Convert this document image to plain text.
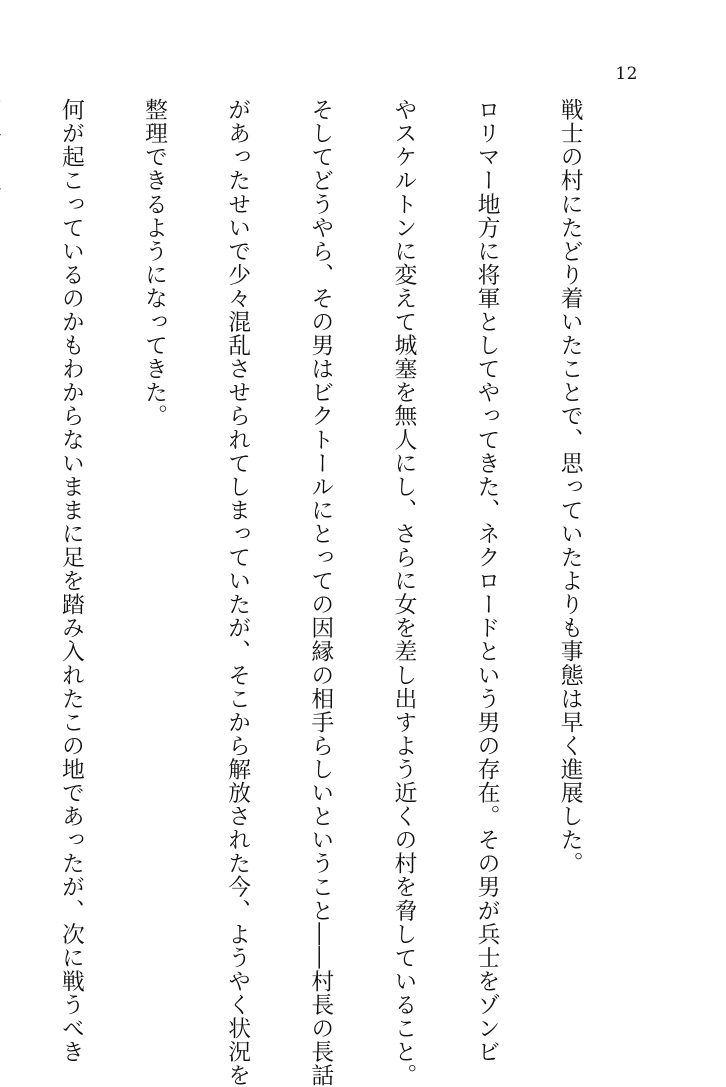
12

戦士の村にたどり着いたことで、思っていたよりも事態は早く進展した。

ロリマー地方に将軍としてやってきた、ネクロードという男の存在。その男が兵士をゾンビ

やスケルトンに変えて城塞を無人にし、さらに女を差し出すよう近くの村を脅していること。

そしてどうやら、その男はビクトールにとっての因縁の相手らしいということ――村長の長話

があったせいで少々混乱させられてしまっていたが、そこから解放された今、ようやく状況を

整理できるようになってきた。

何が起こっているのかもわからないままに足を踏み入れたこの地であったが、次に戦うべき
